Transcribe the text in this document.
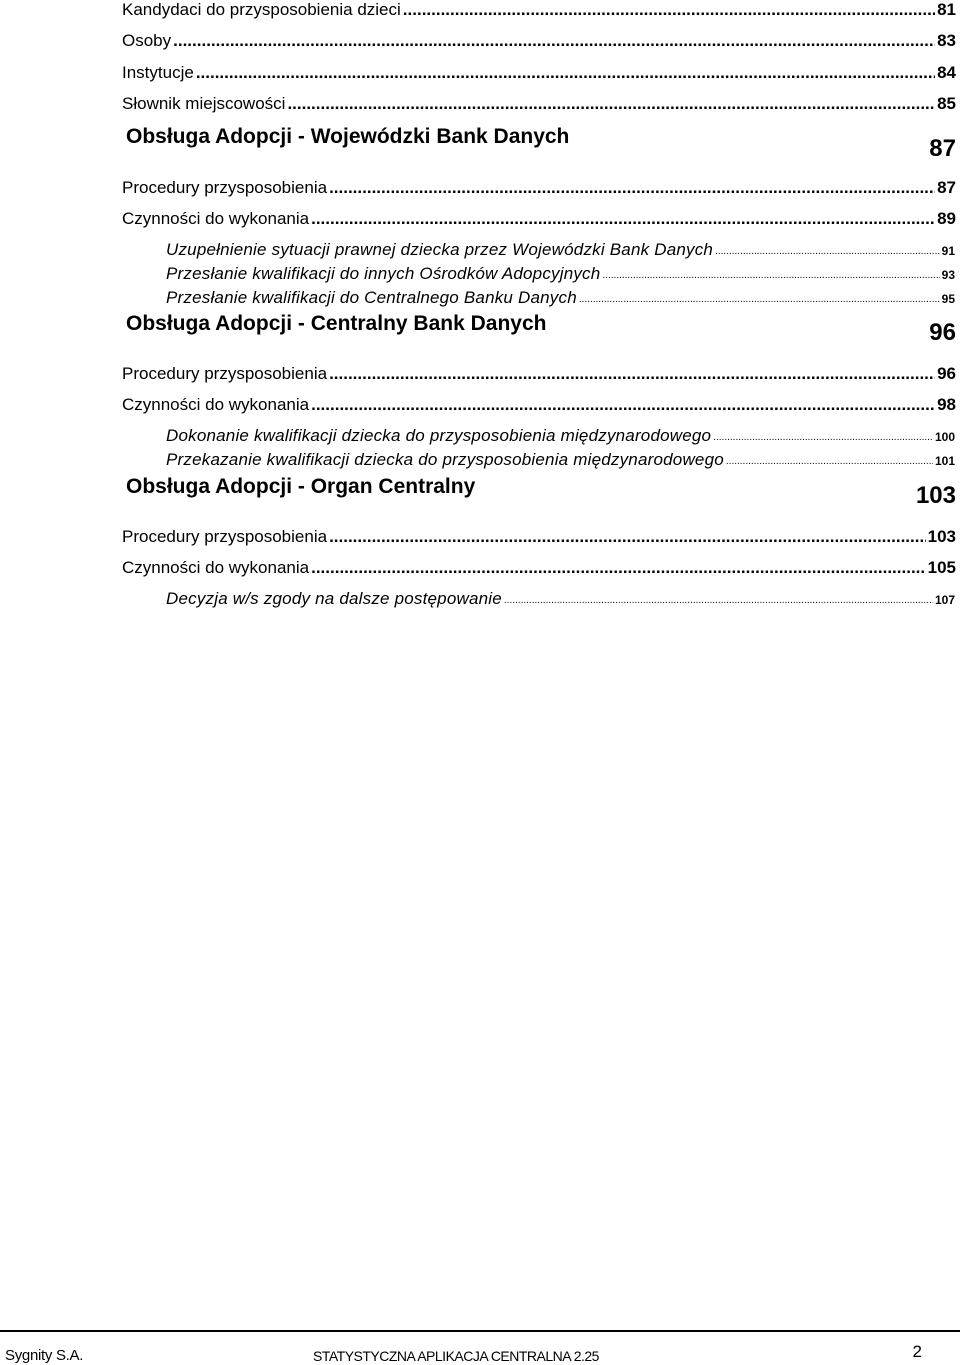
Kandydaci do przysposobienia dzieci .....	81
Osoby .....	83
Instytucje .....	84
Słownik miejscowości .....	85
Obsługa Adopcji - Wojewódzki Bank Danych	87
Procedury przysposobienia .....	87
Czynności do wykonania .....	89
Uzupełnienie sytuacji prawnej dziecka przez Wojewódzki Bank Danych .....	91
Przesłanie kwalifikacji do innych Ośrodków Adopcyjnych .....	93
Przesłanie kwalifikacji do Centralnego Banku Danych .....	95
Obsługa Adopcji - Centralny Bank Danych	96
Procedury przysposobienia .....	96
Czynności do wykonania .....	98
Dokonanie kwalifikacji dziecka do przysposobienia międzynarodowego .....	100
Przekazanie kwalifikacji dziecka do przysposobienia międzynarodowego .....	101
Obsługa Adopcji - Organ Centralny	103
Procedury przysposobienia .....	103
Czynności do wykonania .....	105
Decyzja w/s zgody na dalsze postępowanie .....	107
Sygnity S.A.	STATYSTYCZNA APLIKACJA CENTRALNA 2.25	2
